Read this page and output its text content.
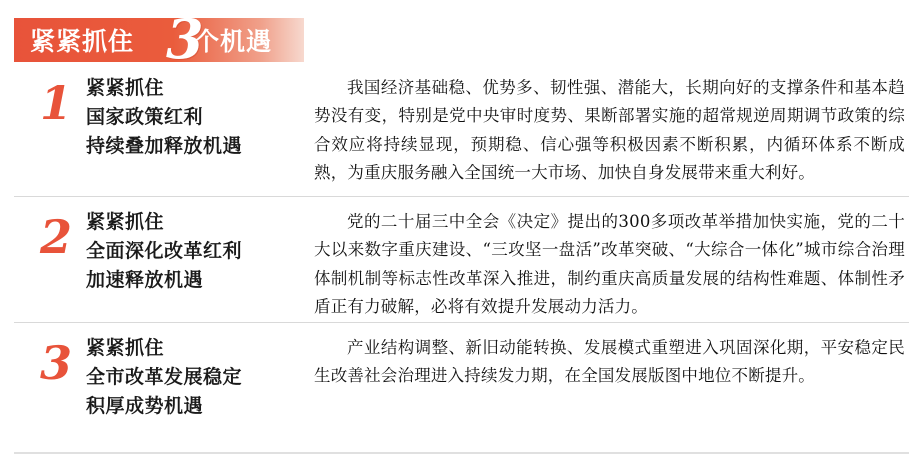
紧紧抓住 3
个机遇
1 紧紧抓住
国家政策红利
持续叠加释放机遇
我国经济基础稳、优势多、韧性强、潜能大，长期向好的支撑条件和基本趋势没有变，特别是党中央审时度势、果断部署实施的超常规逆周期调节政策的综合效应将持续显现，预期稳、信心强等积极因素不断积累，内循环体系不断成熟，为重庆服务融入全国统一大市场、加快自身发展带来重大利好。
2 紧紧抓住
全面深化改革红利
加速释放机遇
党的二十届三中全会《决定》提出的300多项改革举措加快实施，党的二十大以来数字重庆建设、“三攻坚一盘活”改革突破、“大综合一体化”城市综合治理体制机制等标志性改革深入推进，制约重庆高质量发展的结构性难题、体制性矛盾正有力破解，必将有效提升发展动力活力。
3 紧紧抓住
全市改革发展稳定
积厚成势机遇
产业结构调整、新旧动能转换、发展模式重塑进入巩固深化期，平安稳定民生改善社会治理进入持续发力期，在全国发展版图中地位不断提升。
